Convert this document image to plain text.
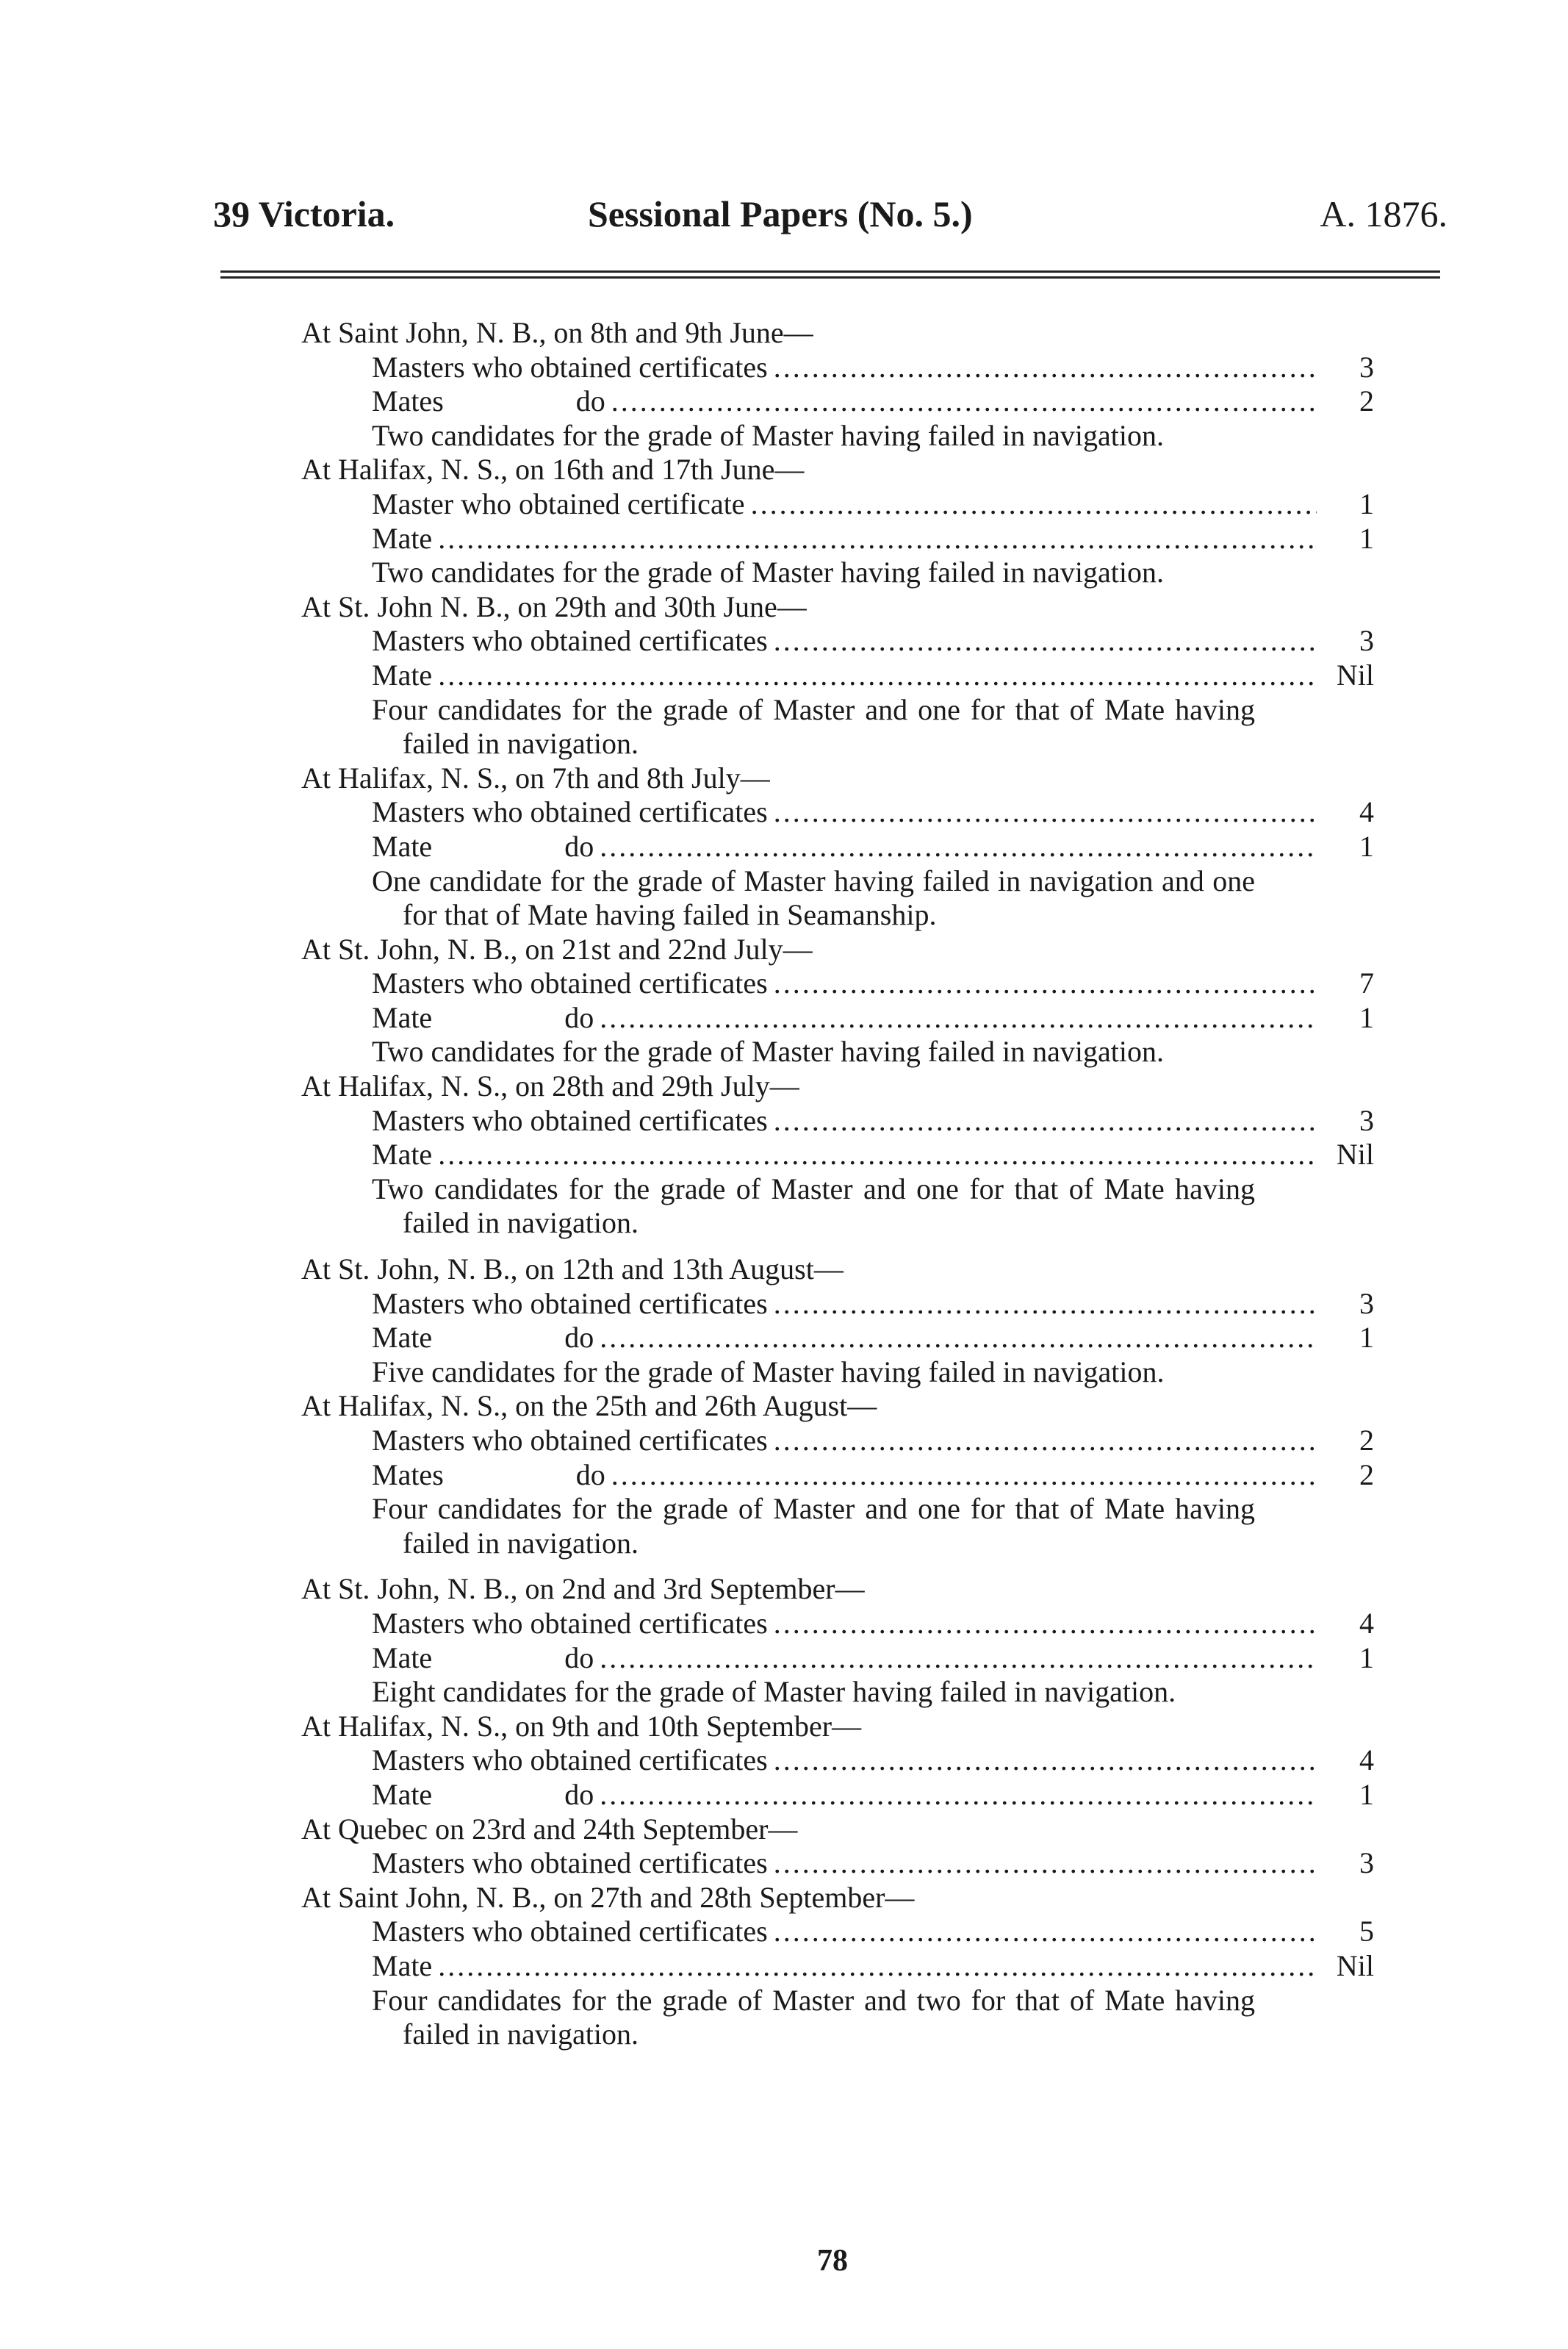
39 Victoria.	Sessional Papers (No. 5.)	A. 1876.
At Saint John, N. B., on 8th and 9th June—
Masters who obtained certificates .....	3
Mates	do .....	2
Two candidates for the grade of Master having failed in navigation.
At Halifax, N. S., on 16th and 17th June—
Master who obtained certificate .....	1
Mate .....	1
Two candidates for the grade of Master having failed in navigation.
At St. John N. B., on 29th and 30th June—
Masters who obtained certificates .....	3
Mate .....	Nil
Four candidates for the grade of Master and one for that of Mate having failed in navigation.
At Halifax, N. S., on 7th and 8th July—
Masters who obtained certificates .....	4
Mate	do .....	1
One candidate for the grade of Master having failed in navigation and one for that of Mate having failed in Seamanship.
At St. John, N. B., on 21st and 22nd July—
Masters who obtained certificates .....	7
Mate	do .....	1
Two candidates for the grade of Master having failed in navigation.
At Halifax, N. S., on 28th and 29th July—
Masters who obtained certificates .....	3
Mate .....	Nil
Two candidates for the grade of Master and one for that of Mate having failed in navigation.
At St. John, N. B., on 12th and 13th August—
Masters who obtained certificates .....	3
Mate	do .....	1
Five candidates for the grade of Master having failed in navigation.
At Halifax, N. S., on the 25th and 26th August—
Masters who obtained certificates .....	2
Mates	do .....	2
Four candidates for the grade of Master and one for that of Mate having failed in navigation.
At St. John, N. B., on 2nd and 3rd September—
Masters who obtained certificates .....	4
Mate	do .....	1
Eight candidates for the grade of Master having failed in navigation.
At Halifax, N. S., on 9th and 10th September—
Masters who obtained certificates .....	4
Mate	do .....	1
At Quebec on 23rd and 24th September—
Masters who obtained certificates .....	3
At Saint John, N. B., on 27th and 28th September—
Masters who obtained certificates .....	5
Mate .....	Nil
Four candidates for the grade of Master and two for that of Mate having failed in navigation.
78
